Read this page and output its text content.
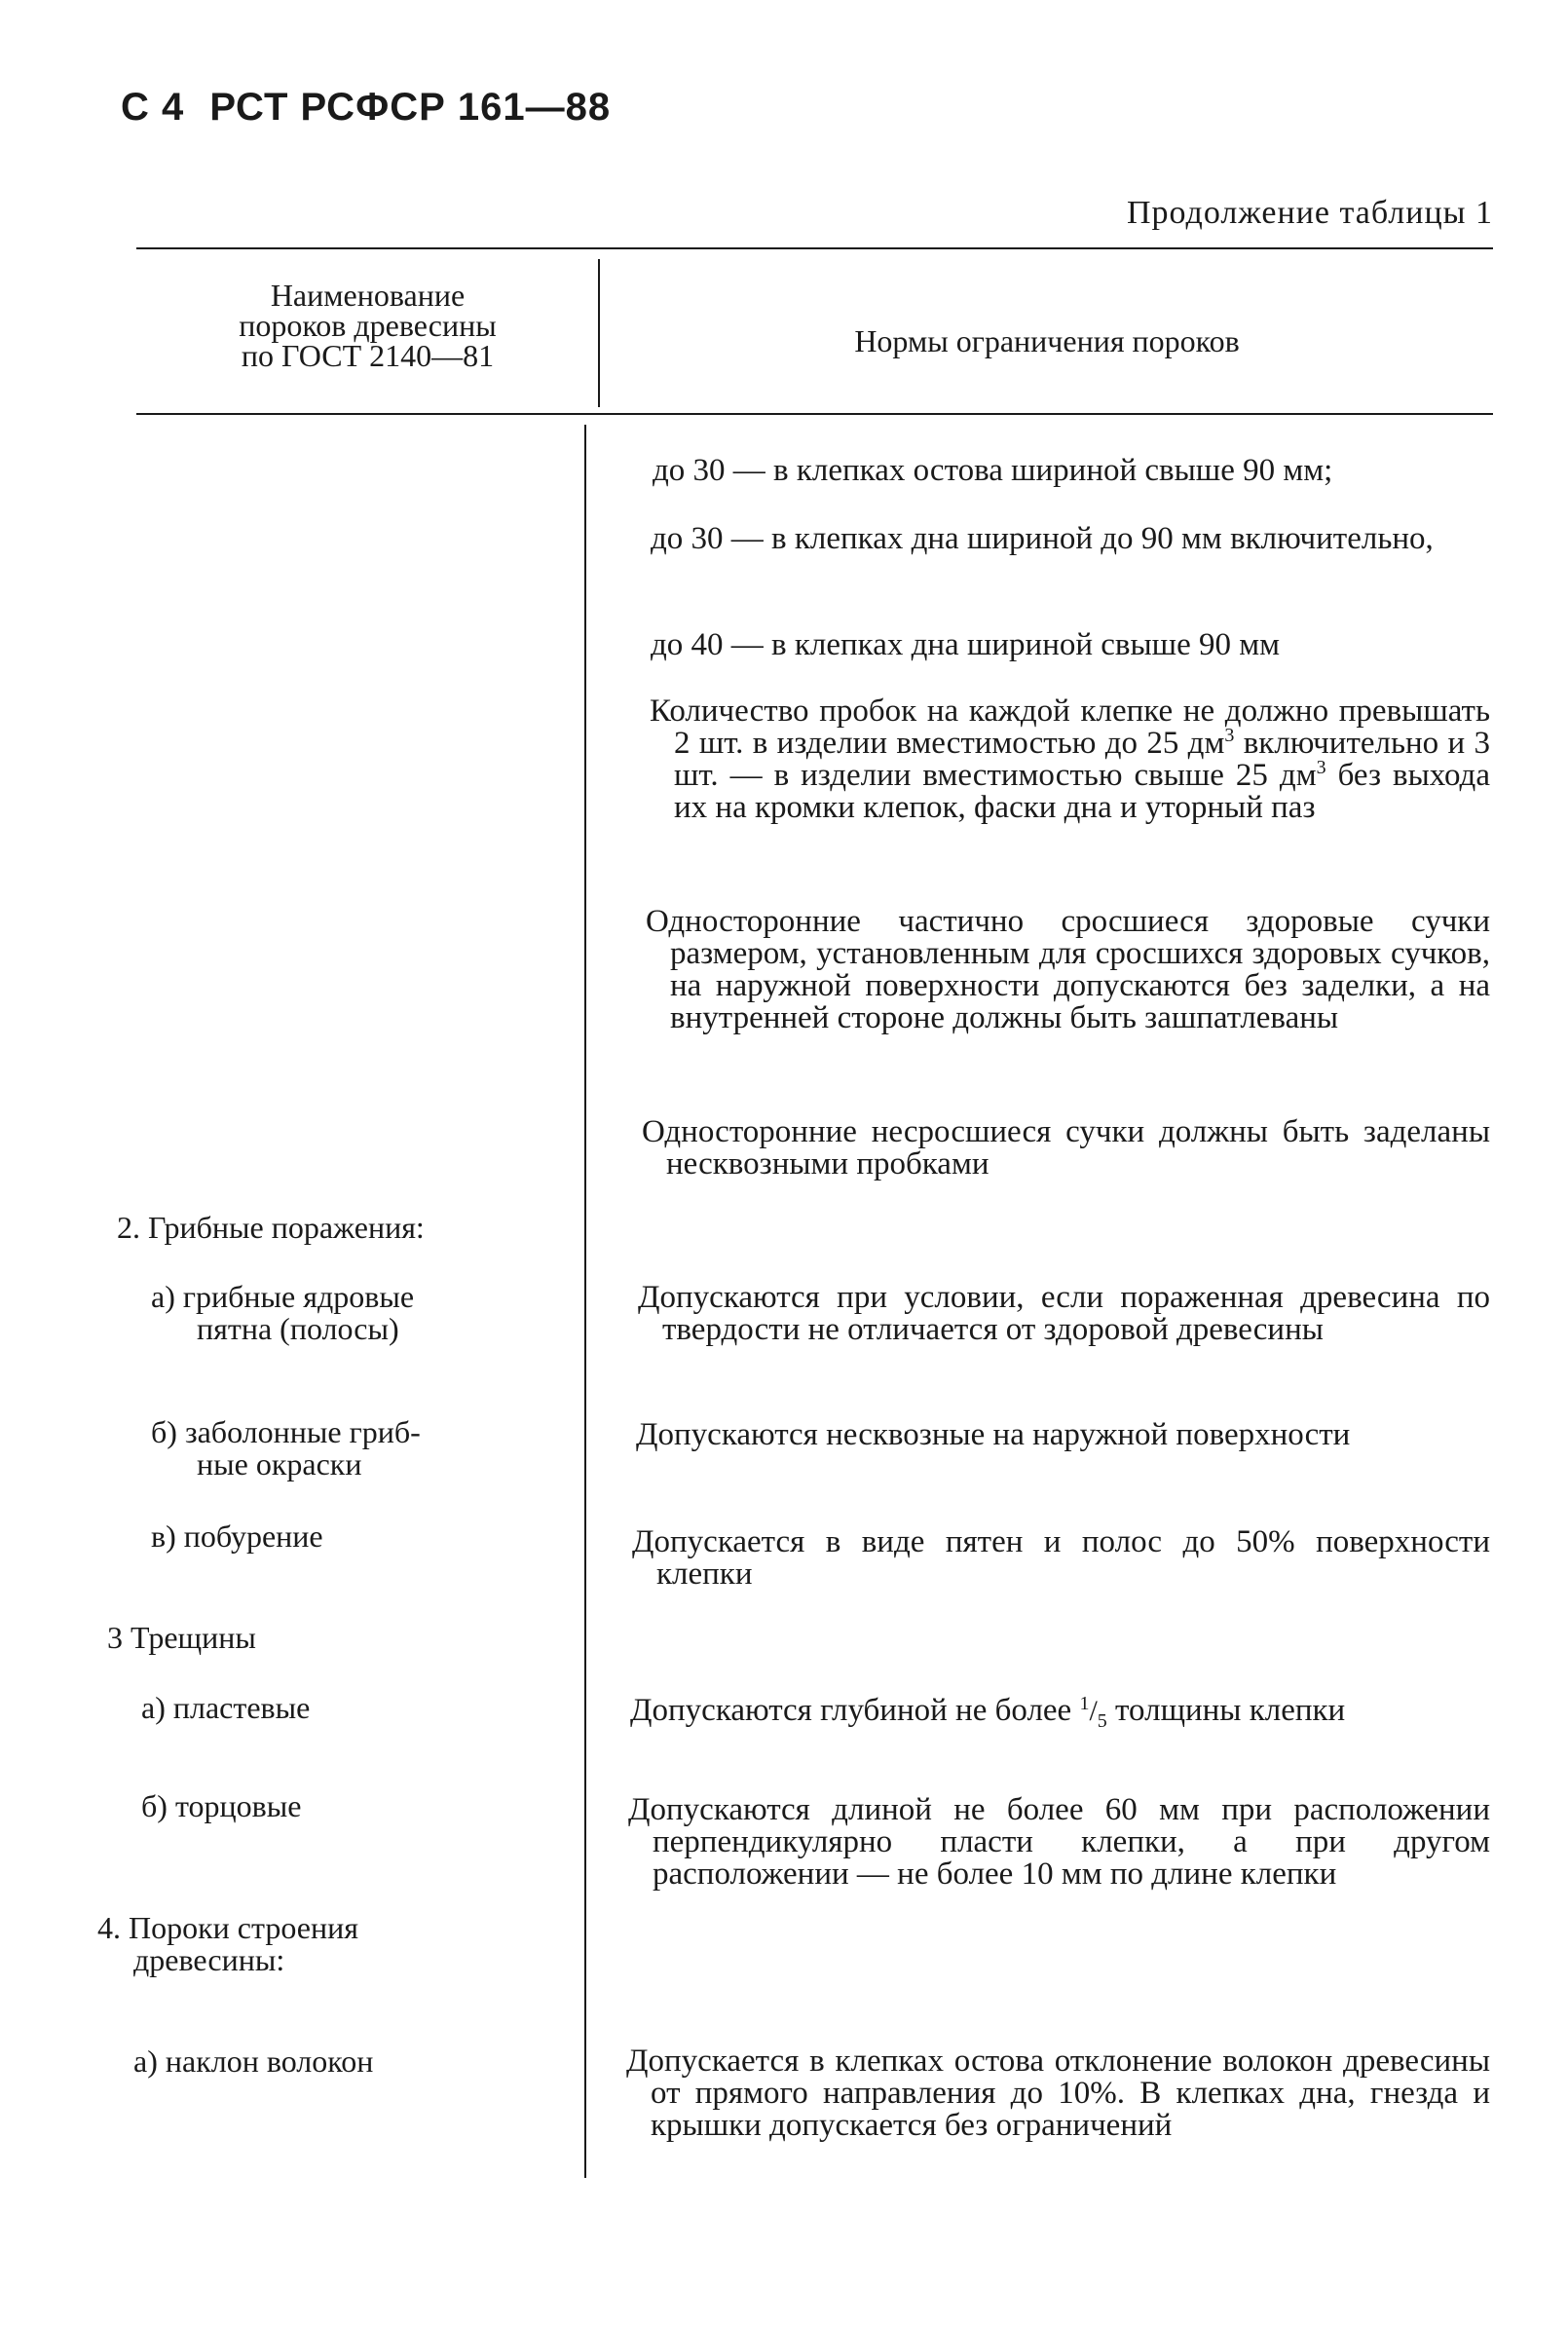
С 4 РСТ РСФСР 161—88
Продолжение таблицы 1
Наименование
пороков древесины
по ГОСТ 2140—81	Нормы ограничения пороков
2. Грибные поражения:
а) грибные ядровые
пятна (полосы)
б) заболонные гриб-
ные окраски
в) побурение
3 Трещины
а) пластевые
б) торцовые
4. Пороки строения
древесины:
а) наклон волокон
до 30 — в клепках остова шириной свыше 90 мм;
до 30 — в клепках дна шириной до 90 мм включительно,
до 40 — в клепках дна шириной свыше 90 мм
Количество пробок на каждой клепке не должно превышать 2 шт. в изделии вместимостью до 25 $дм^3$ включительно и 3 шт. — в изделии вместимостью свыше 25 $дм^3$ без выхода их на кромки клепок, фаски дна и уторный паз
Односторонние частично сросшиеся здоровые сучки размером, установленным для сросшихся здоровых сучков, на наружной поверхности допускаются без заделки, а на внутренней стороне должны быть зашпатлеваны
Односторонние несросшиеся сучки должны быть заделаны несквозными пробками
Допускаются при условии, если пораженная древесина по твердости не отличается от здоровой древесины
Допускаются несквозные на наружной поверхности
Допускается в виде пятен и полос до 50% поверхности клепки
Допускаются глубиной не более $^1/_5$ толщины клепки
Допускаются длиной не более 60 мм при расположении перпендикулярно пласти клепки, а при другом расположении — не более 10 мм по длине клепки
Допускается в клепках остова отклонение волокон древесины от прямого направления до 10%. В клепках дна, гнезда и крышки допускается без ограничений
